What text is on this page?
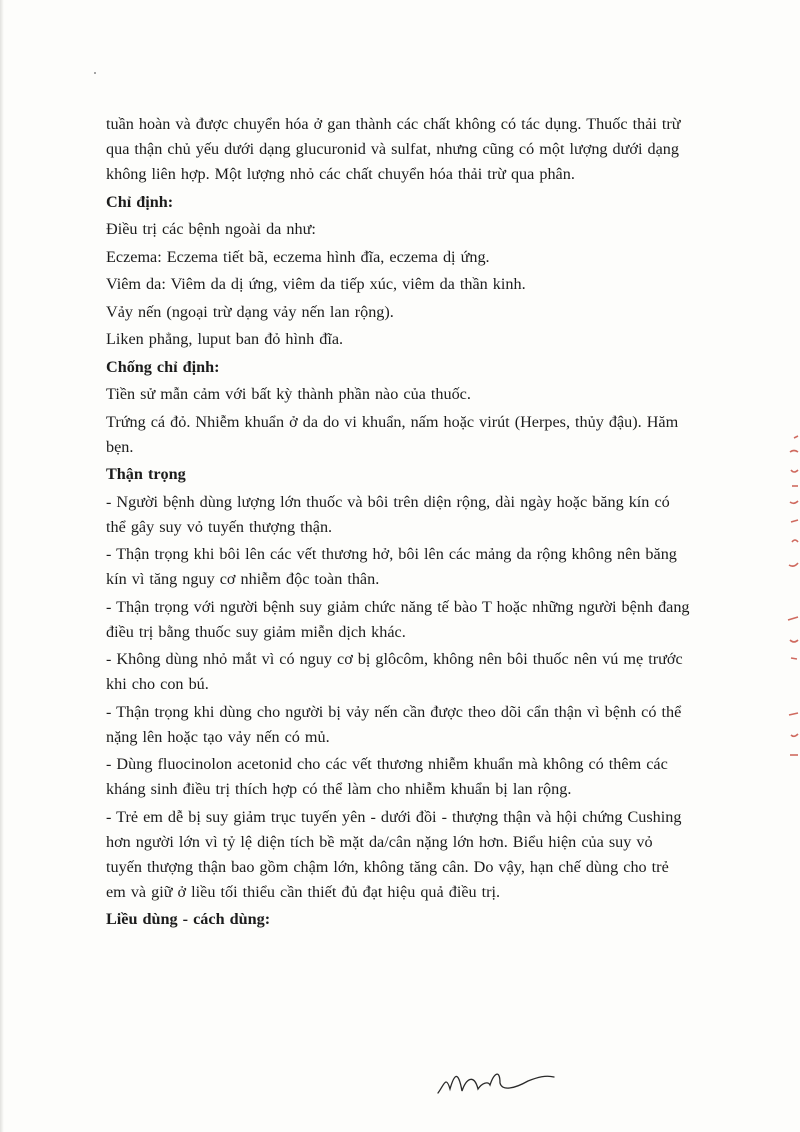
tuần hoàn và được chuyển hóa ở gan thành các chất không có tác dụng. Thuốc thải trừ
qua thận chủ yếu dưới dạng glucuronid và sulfat, nhưng cũng có một lượng dưới dạng
không liên hợp. Một lượng nhỏ các chất chuyển hóa thải trừ qua phân.
Chỉ định:
Điều trị các bệnh ngoài da như:
Eczema: Eczema tiết bã, eczema hình đĩa, eczema dị ứng.
Viêm da: Viêm da dị ứng, viêm da tiếp xúc, viêm da thần kinh.
Vảy nến (ngoại trừ dạng vảy nến lan rộng).
Liken phẳng, luput ban đỏ hình đĩa.
Chống chỉ định:
Tiền sử mẫn cảm với bất kỳ thành phần nào của thuốc.
Trứng cá đỏ. Nhiễm khuẩn ở da do vi khuẩn, nấm hoặc virút (Herpes, thủy đậu). Hăm
bẹn.
Thận trọng
- Người bệnh dùng lượng lớn thuốc và bôi trên diện rộng, dài ngày hoặc băng kín có
thể gây suy vỏ tuyến thượng thận.
- Thận trọng khi bôi lên các vết thương hở, bôi lên các mảng da rộng không nên băng
kín vì tăng nguy cơ nhiễm độc toàn thân.
- Thận trọng với người bệnh suy giảm chức năng tế bào T hoặc những người bệnh đang
điều trị bằng thuốc suy giảm miễn dịch khác.
- Không dùng nhỏ mắt vì có nguy cơ bị glôcôm, không nên bôi thuốc nên vú mẹ trước
khi cho con bú.
- Thận trọng khi dùng cho người bị vảy nến cần được theo dõi cẩn thận vì bệnh có thể
nặng lên hoặc tạo vảy nến có mủ.
- Dùng fluocinolon acetonid cho các vết thương nhiễm khuẩn mà không có thêm các
kháng sinh điều trị thích hợp có thể làm cho nhiễm khuẩn bị lan rộng.
- Trẻ em dễ bị suy giảm trục tuyến yên - dưới đồi - thượng thận và hội chứng Cushing
hơn người lớn vì tỷ lệ diện tích bề mặt da/cân nặng lớn hơn. Biểu hiện của suy vỏ
tuyến thượng thận bao gồm chậm lớn, không tăng cân. Do vậy, hạn chế dùng cho trẻ
em và giữ ở liều tối thiểu cần thiết đủ đạt hiệu quả điều trị.
Liều dùng - cách dùng:
